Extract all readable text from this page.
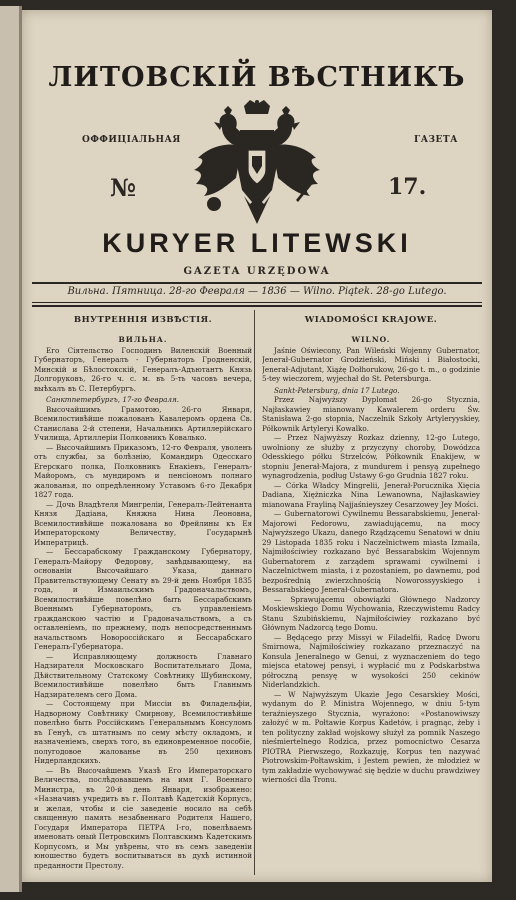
ЛИТОВСКІЙ ВѢСТНИКЪ
ОФФИЦІАЛЬНАЯ	ГАЗЕТА
№	17.
KURYER LITEWSKI
GAZETA URZĘDOWA
Вильна. Пятница. 28-го Февраля — 1836 — Wilno. Piątek. 28-go Lutego.
ВНУТРЕННІЯ ИЗВѢСТІЯ.	WIADOMOŚCI KRAJOWE.
ВИЛЬНА.

Его Сіятельство Господинъ Виленскій Военный Губернаторъ, Генералъ - Губернаторъ Гродненскій, Минскій и Бѣлостокскій, Генералъ-Адъютантъ Князь Долгоруковъ, 26-го ч. с. м. въ 5-ть часовъ вечера, выѣхалъ въ С. Петербургъ.

Санктпетербургъ, 17-го Февраля.

Высочайшимъ Грамотою, 26-го Января, Всемилостивѣйше пожалованъ Кавалеромъ ордена Св. Станислава 2-й степени, Начальникъ Артиллерійскаго Училища, Артиллеріи Полковникъ Ковалько.

— Высочайшимъ Приказомъ, 12-го Февраля, уволенъ отъ службы, за болѣзнію, Командиръ Одесскаго Егерскаго полка, Полковникъ Енакіевъ, Генералъ-Майоромъ, съ мундиромъ и пенсіономъ полнаго жалованья, по опредѣленному Уставомъ 6-го Декабря 1827 года.

— Дочь Владѣтеля Мингреліи, Генералъ-Лейтенанта Князя Дадіана, Княжна Нина Леоновна, Всемилостивѣйше пожалована во Фрейлины къ Ея Императорскому Величеству, Государынѣ Императрицѣ.

— Бессарабскому Гражданскому Губернатору, Генералъ-Майору Федорову, завѣдывающему, на основаніи Высочайшаго Указа, даннаго Правительствующему Сенату въ 29-й день Ноября 1835 года, и Измаильскимъ Градоначальствомъ, Всемилостивѣйше повелѣно быть Бессарабскимъ Военнымъ Губернаторомъ, съ управленіемъ гражданскою частію и Градоначальствомъ, а съ оставленіемъ, по прежнему, подъ непосредственнымъ начальствомъ Новороссійскаго и Бессарабскаго Генералъ-Губернатора.

— Исправляющему должность Главнаго Надзирателя Московскаго Воспитательнаго Дома, Дѣйствительному Статскому Совѣтнику Шубинскому, Всемилостивѣйше повелѣно быть Главнымъ Надзирателемъ сего Дома.

— Состоящему при Миссіи въ Филадельфіи, Надворному Совѣтнику Смирнову, Всемилостивѣйше повелѣно быть Россійскимъ Генеральнымъ Консуломъ въ Генуѣ, съ штатнымъ по сему мѣсту окладомъ, и назначеніемъ, сверхъ того, въ единовременное пособіе, полугодовое жалованье въ 250 цехиновъ Нидерландскихъ.

— Въ Высочайшемъ Указѣ Его Императорскаго Величества, послѣдовавшемъ на имя Г. Военнаго Министра, въ 20-й день Января, изображено: «Назначивъ учредить въ г. Полтавѣ Кадетскій Корпусъ, и желая, чтобы и сіе заведеніе носило на себѣ священную память незабвеннаго Родителя Нашего, Государя Императора ПЕТРА І-го, повелѣваемъ именовать оный Петровскимъ Полтавскимъ Кадетскимъ Корпусомъ, и Мы увѣрены, что въ семъ заведеніи юношество будетъ воспитываться въ духѣ истинной преданности Престолу.

WILNO.

Jaśnie Oświecony, Pan Wileński Wojenny Gubernator, Jenerał-Gubernator Grodzieński, Miński i Białostocki, Jenerał-Adjutant, Xiążę Dołhorukow, 26-go t. m., o godzinie 5-tey wieczorem, wyjechał do St. Petersburga.

Sankt-Petersburg, dnia 17 Lutego.

Przez Najwyższy Dyplomat 26-go Stycznia, Najłaskawiey mianowany Kawalerem orderu Św. Stanisława 2-go stopnia, Naczelnik Szkoły Artyleryyskiey, Półkownik Artyleryi Kowalko.

— Przez Najwyższy Rozkaz dzienny, 12-go Lutego, uwolniony ze służby z przyczyny choroby, Dowódzca Odesskiego półku Strzelców, Półkownik Enakijew, w stopniu Jenerał-Majora, z mundurem i pensyą zupełnego wynagrodzenia, podług Ustawy 6-go Grudnia 1827 roku.

— Córka Władcy Mingrelii, Jenerał-Porucznika Xięcia Dadiana, Xiężniczka Nina Lewanowna, Najłaskawiey mianowana Frayliną Najjaśnieyszey Cesarzowey Jey Mości.

— Gubernatorowi Cywilnemu Bessarabskiemu, Jenerał-Majorowi Fedorowu, zawiadującemu, na mocy Najwyższego Ukazu, danego Rządzącemu Senatowi w dniu 29 Listopada 1835 roku i Naczelnictwem miasta Izmaila, Najmiłościwiey rozkazano być Bessarabskim Wojennym Gubernatorem z zarządem sprawami cywilnemi i Naczelnictwem miasta, i z pozostaniem, po dawnemu, pod bezpośrednią zwierzchnością Noworossyyskiego i Bessarabskiego Jenerał-Gubernatora.

— Sprawującemu obowiązki Głównego Nadzorcy Moskiewskiego Domu Wychowania, Rzeczywistemu Radcy Stanu Szubińskiemu, Najmiłościwiey rozkazano być Głównym Nadzorcą tego Domu.

— Będącego przy Missyi w Filadelfii, Radcę Dworu Smirnowa, Najmiłościwiey rozkazano przeznaczyć na Konsula Jeneralnego w Genui, z wyznaczeniem do tego miejsca etatowej pensyi, i wypłacić mu z Podskarbstwa półroczną pensyę w wysokości 250 cekinów Niderlandzkich.

— W Najwyższym Ukazie Jego Cesarskiey Mości, wydanym do P. Ministra Wojennego, w dniu 5-tym teraźnieyszego Stycznia, wyrażono: «Postanowiwszy założyć w m. Połtawie Korpus Kadetów, i pragnąc, żeby i ten polityczny zakład wojskowy służył za pomnik Naszego nieśmiertelnego Rodzica, przez pomocnictwo Cesarza PIOTRA Pierwszego, Rozkazuję, Korpus ten nazywać Piotrowskim-Połtawskim, i Jestem pewien, że młodzież w tym zakładzie wychowywać się będzie w duchu prawdziwey wierności dla Tronu.
